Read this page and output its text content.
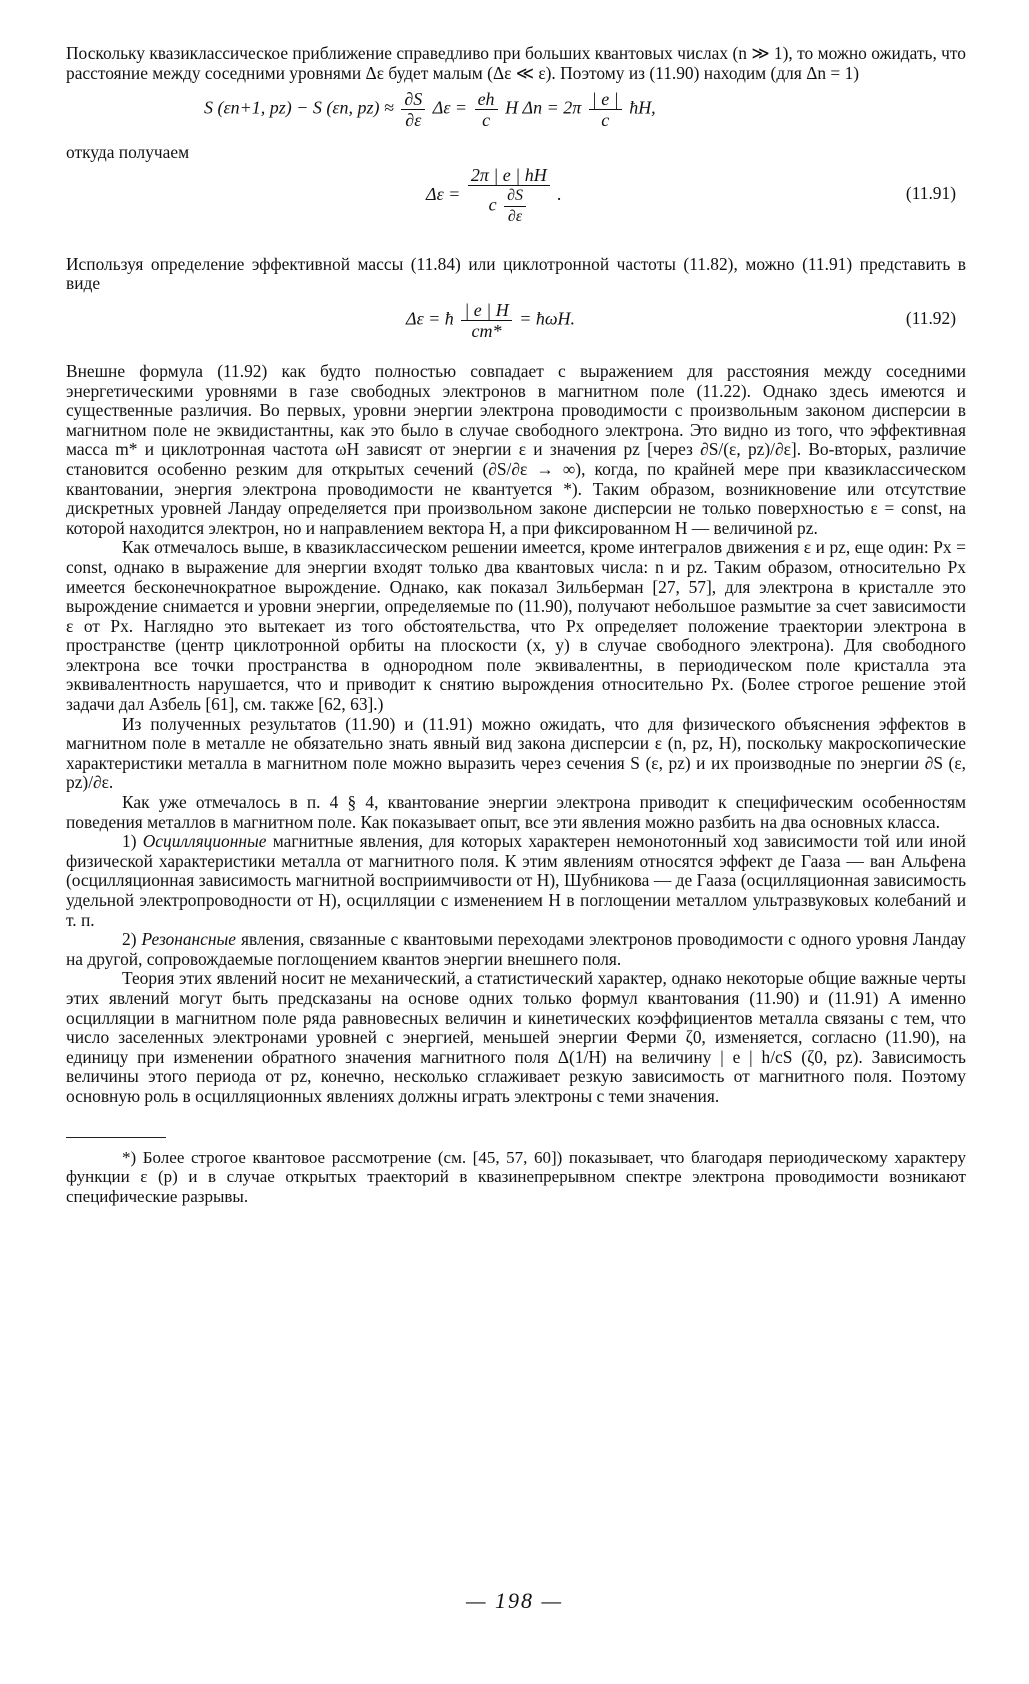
Поскольку квазиклассическое приближение справедливо при больших квантовых числах (n ≫ 1), то можно ожидать, что расстояние между соседними уровнями Δε будет малым (Δε ≪ ε). Поэтому из (11.90) находим (для Δn = 1)

S (εn+1, pz) − S (εn, $pz) \approx \frac{\partial S}{\partial\varepsilon}$ $\Delta\varepsilon = \frac{eh}{c}$ H $\Delta n = 2\pi \frac{| e |}{c}$ ħH,

откуда получаем

$\Delta\varepsilon = \frac{2\pi | e | hH}{c \frac{\partial S}{\partial\varepsilon}}$ .	(11.91)

Используя определение эффективной массы (11.84) или циклотронной частоты (11.82), можно (11.91) представить в виде

Δε = ħ $\frac{| e | H}{cm*}$ = ħωH.	(11.92)

Внешне формула (11.92) как будто полностью совпадает с выражением для расстояния между соседними энергетическими уровнями в газе свободных электронов в магнитном поле (11.22). Однако здесь имеются и существенные различия. Во первых, уровни энергии электрона проводимости с произвольным законом дисперсии в магнитном поле не эквидистантны, как это было в случае свободного электрона. Это видно из того, что эффективная масса m* и циклотронная частота ωH зависят от энергии ε и значения pz [через ∂S/(ε, pz)/∂ε]. Во-вторых, различие становится особенно резким для открытых сечений (∂S/∂ε → ∞), когда, по крайней мере при квазиклассическом квантовании, энергия электрона проводимости не квантуется *). Таким образом, возникновение или отсутствие дискретных уровней Ландау определяется при произвольном законе дисперсии не только поверхностью ε = const, на которой находится электрон, но и направлением вектора H, а при фиксированном H — величиной pz.

Как отмечалось выше, в квазиклассическом решении имеется, кроме интегралов движения ε и pz, еще один: Px = const, однако в выражение для энергии входят только два квантовых числа: n и pz. Таким образом, относительно Px имеется бесконечнократное вырождение. Однако, как показал Зильберман [27, 57], для электрона в кристалле это вырождение снимается и уровни энергии, определяемые по (11.90), получают небольшое размытие за счет зависимости ε от Px. Наглядно это вытекает из того обстоятельства, что Px определяет положение траектории электрона в пространстве (центр циклотронной орбиты на плоскости (x, y) в случае свободного электрона). Для свободного электрона все точки пространства в однородном поле эквивалентны, в периодическом поле кристалла эта эквивалентность нарушается, что и приводит к снятию вырождения относительно Px. (Более строгое решение этой задачи дал Азбель [61], см. также [62, 63].)

Из полученных результатов (11.90) и (11.91) можно ожидать, что для физического объяснения эффектов в магнитном поле в металле не обязательно знать явный вид закона дисперсии ε (n, pz, H), поскольку макроскопические характеристики металла в магнитном поле можно выразить через сечения S (ε, pz) и их производные по энергии ∂S (ε, pz)/∂ε.

Как уже отмечалось в п. 4 § 4, квантование энергии электрона приводит к специфическим особенностям поведения металлов в магнитном поле. Как показывает опыт, все эти явления можно разбить на два основных класса.

1) Осцилляционные магнитные явления, для которых характерен немонотонный ход зависимости той или иной физической характеристики металла от магнитного поля. К этим явлениям относятся эффект де Гааза — ван Альфена (осцилляционная зависимость магнитной восприимчивости от H), Шубникова — де Гааза (осцилляционная зависимость удельной электропроводности от H), осцилляции с изменением H в поглощении металлом ультразвуковых колебаний и т. п.

2) Резонансные явления, связанные с квантовыми переходами электронов проводимости с одного уровня Ландау на другой, сопровождаемые поглощением квантов энергии внешнего поля.

Теория этих явлений носит не механический, а статистический характер, однако некоторые общие важные черты этих явлений могут быть предсказаны на основе одних только формул квантования (11.90) и (11.91) А именно осцилляции в магнитном поле ряда равновесных величин и кинетических коэффициентов металла связаны с тем, что число заселенных электронами уровней с энергией, меньшей энергии Ферми ζ0, изменяется, согласно (11.90), на единицу при изменении обратного значения магнитного поля Δ(1/H) на величину | e | h/cS (ζ0, pz). Зависимость величины этого периода от pz, конечно, несколько сглаживает резкую зависимость от магнитного поля. Поэтому основную роль в осцилляционных явлениях должны играть электроны с теми значения.

*) Более строгое квантовое рассмотрение (см. [45, 57, 60]) показывает, что благодаря периодическому характеру функции ε (p) и в случае открытых траекторий в квазинепрерывном спектре электрона проводимости возникают специфические разрывы.

— 198 —
